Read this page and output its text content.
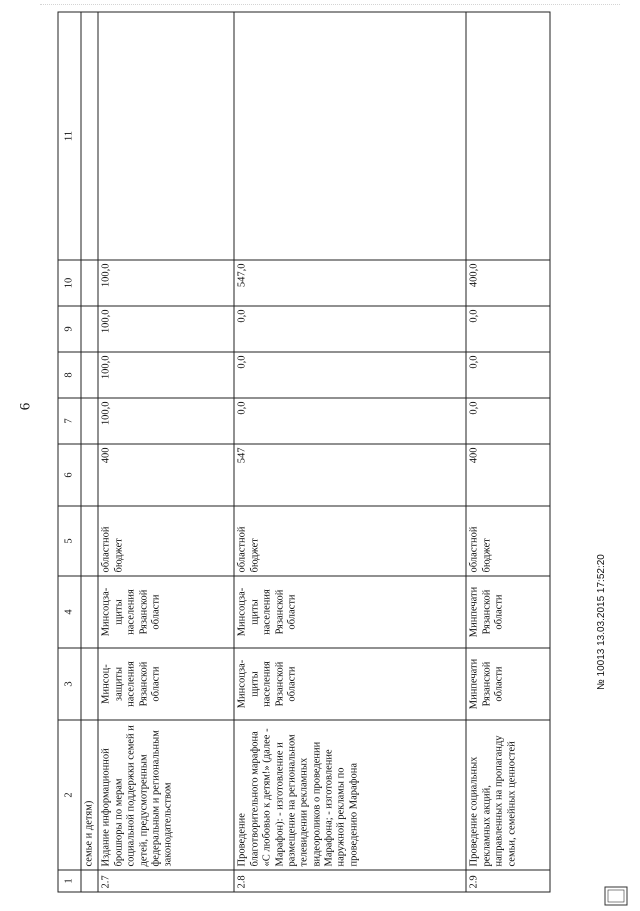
6
1	2	3	4	5	6	7	8	9	10	11
	семье и детям)									
2.7	Издание информационной брошюры по мерам социальной поддержки семей и детей, предусмотренным федеральным и региональным законодательством	Минсоц-защиты населения Рязанской области	Минсоцза-щиты населения Рязанской области	областной бюджет	400	100,0	100,0	100,0	100,0	
2.8	Проведение благотворительного марафона «С любовью к детям!» (далее - Марафон): - изготовление и размещение на региональном телевидении рекламных видеороликов о проведении Марафона; - изготовление наружной рекламы по проведению Марафона	Минсоцза-щиты населения Рязанской области	Минсоцза-щиты населения Рязанской области	областной бюджет	547	0,0	0,0	0,0	547,0	
2.9	Проведение социальных рекламных акций, направленных на пропаганду семьи, семейных ценностей	Минпечати Рязанской области	Минпечати Рязанской области	областной бюджет	400	0,0	0,0	0,0	400,0	
№ 10013 13.03.2015 17:52:20
